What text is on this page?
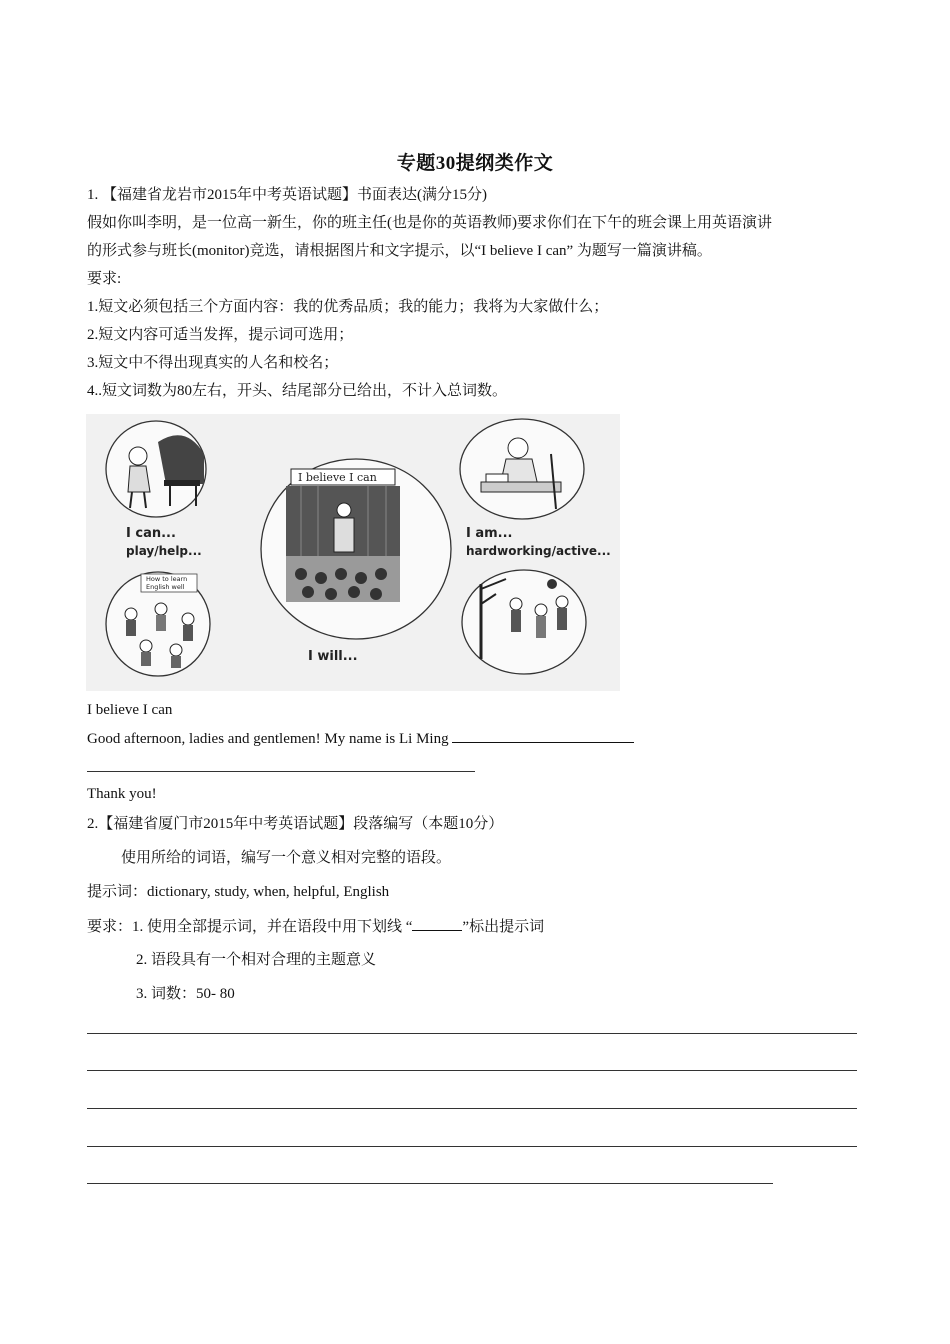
专题30提纲类作文
1. 【福建省龙岩市2015年中考英语试题】书面表达(满分15分)
假如你叫李明，是一位高一新生，你的班主任(也是你的英语教师)要求你们在下午的班会课上用英语演讲
的形式参与班长(monitor)竞选，请根据图片和文字提示，以“I believe I can” 为题写一篇演讲稿。
要求:
1.短文必须包括三个方面内容：我的优秀品质；我的能力；我将为大家做什么；
2.短文内容可适当发挥，提示词可选用；
3.短文中不得出现真实的人名和校名；
4..短文词数为80左右，开头、结尾部分已给出，不计入总词数。
I can...
play/help...
How to learn
English well
I believe I can
I will...
I am...
hardworking/active...
I believe I can
Good afternoon, ladies and gentlemen! My name is Li Ming
Thank you!
2.【福建省厦门市2015年中考英语试题】段落编写（本题10分）
使用所给的词语，编写一个意义相对完整的语段。
提示词：dictionary, study, when, helpful, English
要求：1. 使用全部提示词，并在语段中用下划线 “	”标出提示词
2. 语段具有一个相对合理的主题意义
3. 词数：50- 80
